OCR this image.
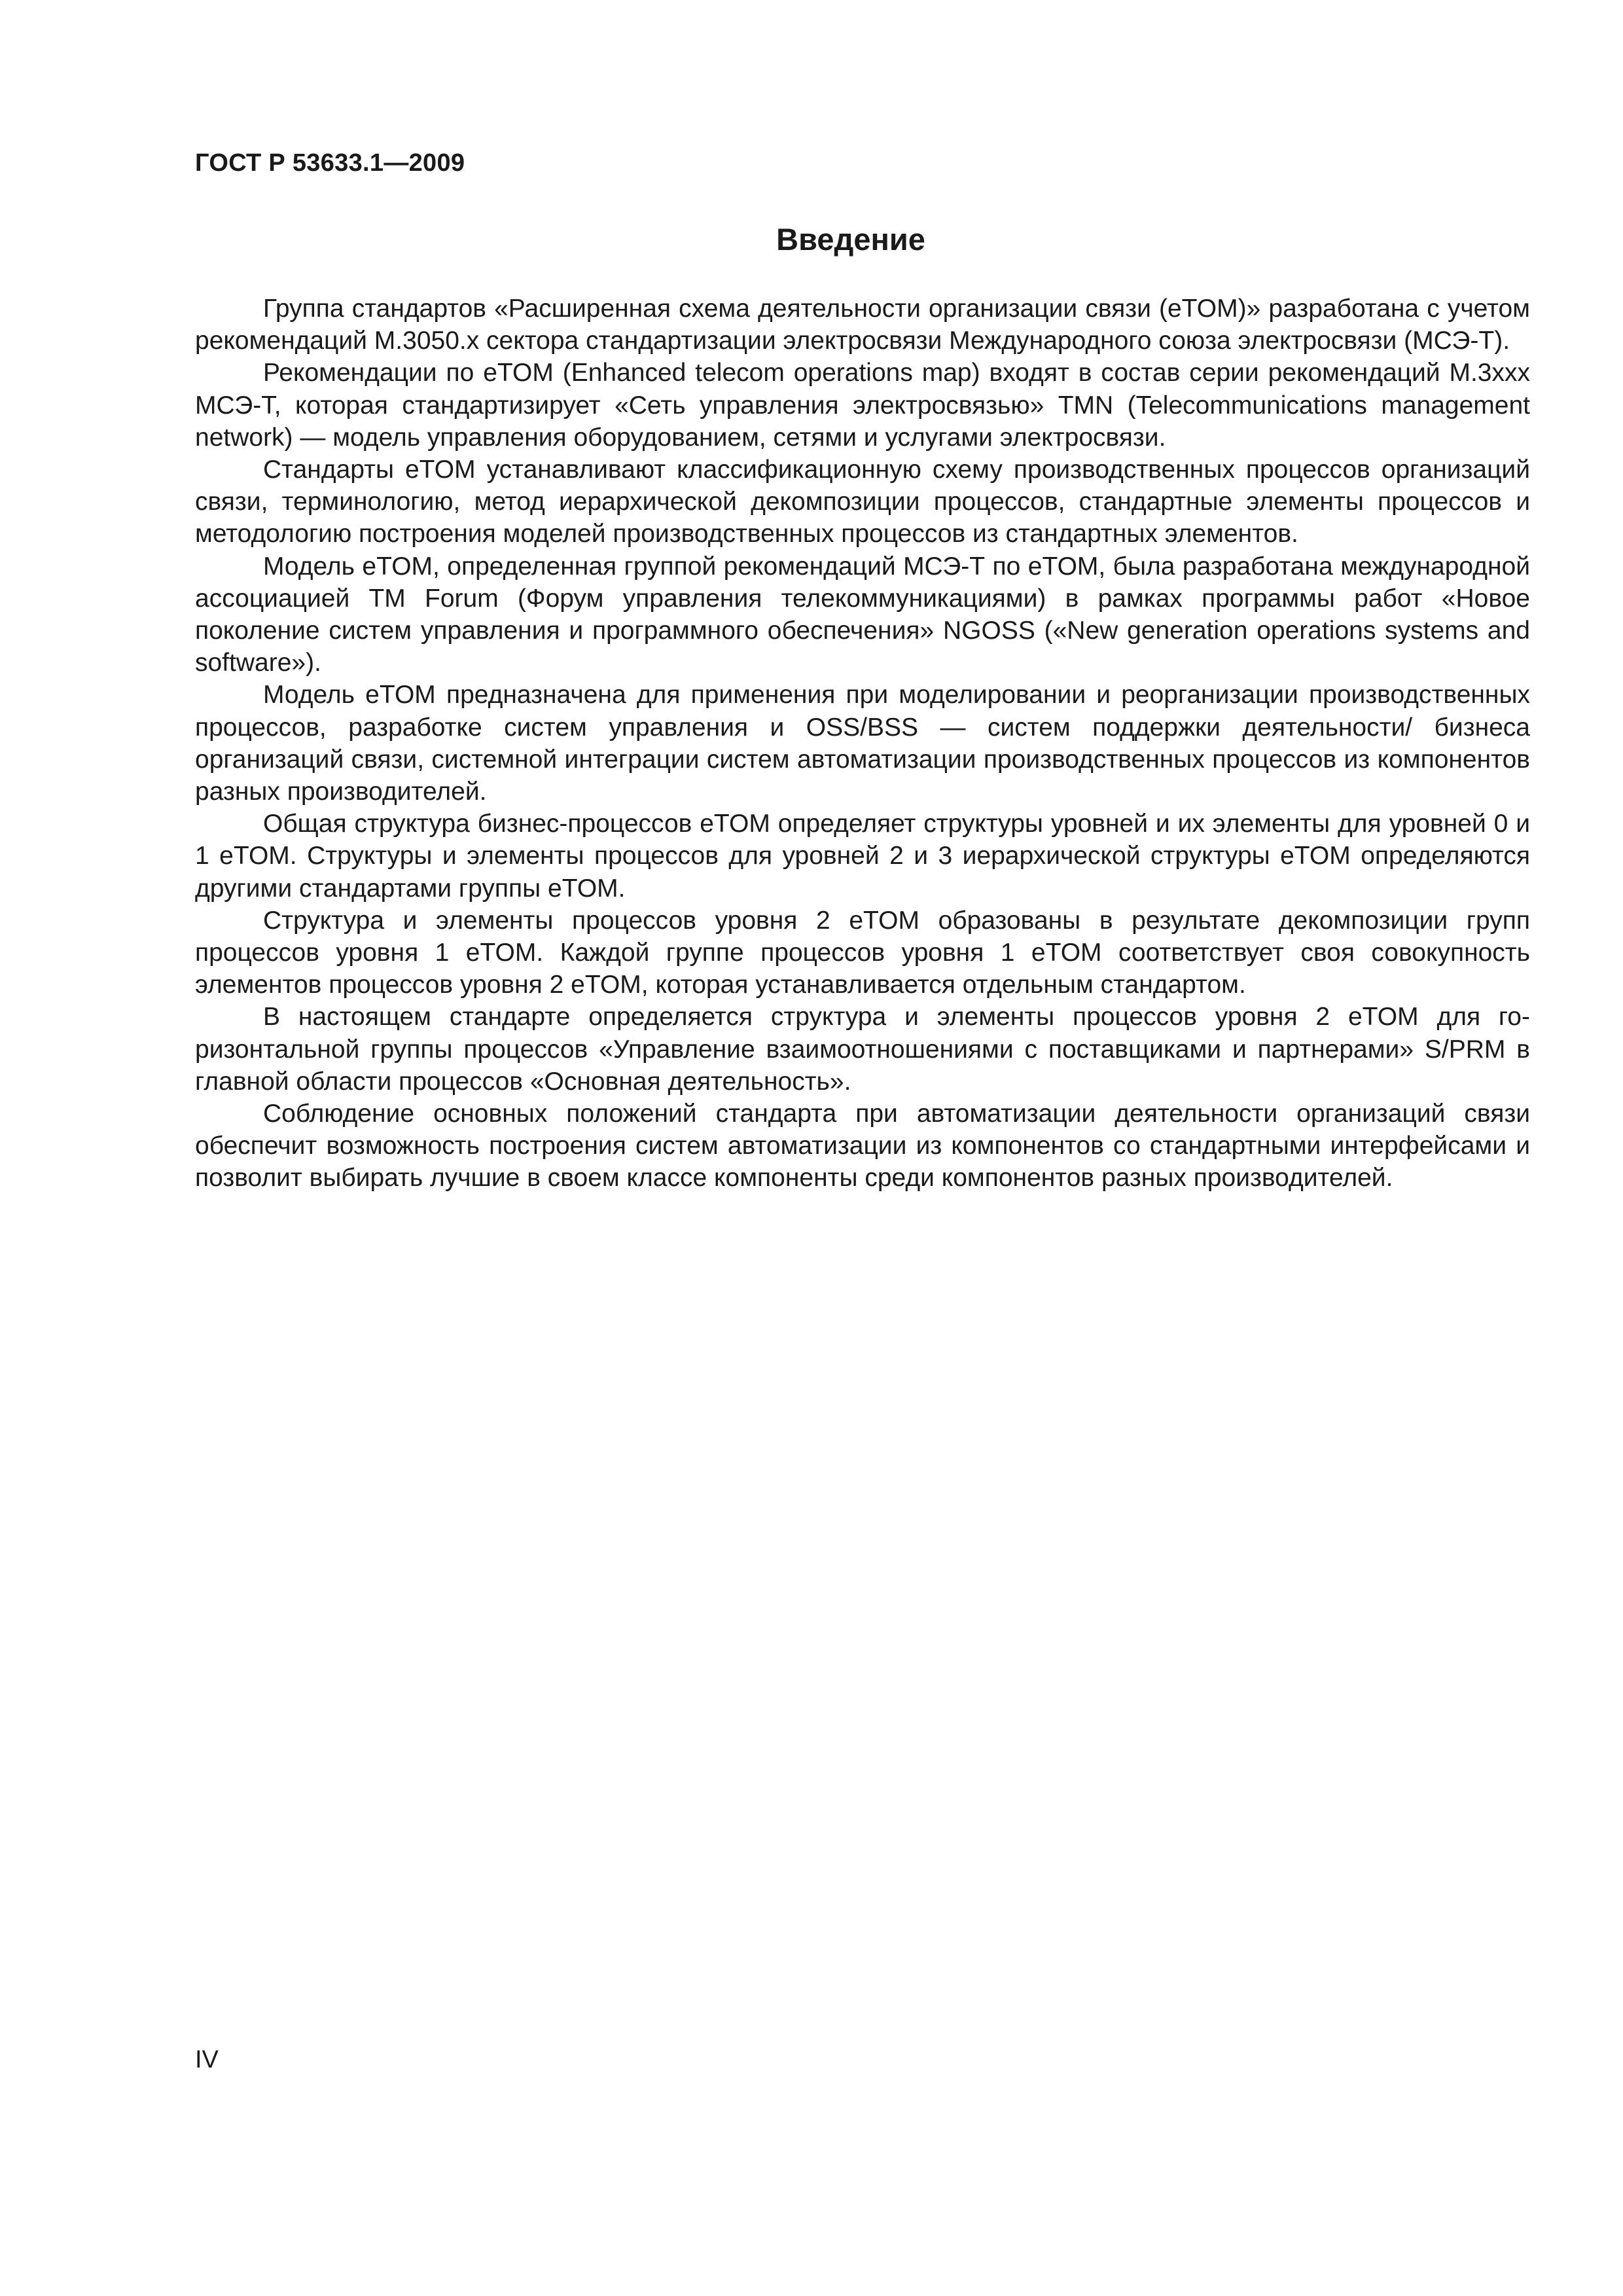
ГОСТ Р 53633.1—2009
Введение

Группа стандартов «Расширенная схема деятельности организации связи (eTOM)» разработана с учетом рекомендаций М.3050.х сектора стандартизации электросвязи Международного союза электросвязи (МСЭ-Т).

Рекомендации по eTOM (Enhanced telecom operations map) входят в состав серии рекомендаций М.3ххх МСЭ-Т, которая стандартизирует «Сеть управления электросвязью» TMN (Telecommunications management network) — модель управления оборудованием, сетями и услугами электросвязи.

Стандарты eTOM устанавливают классификационную схему производственных процессов организаций связи, терминологию, метод иерархической декомпозиции процессов, стандартные элементы процессов и методологию построения моделей производственных процессов из стандартных элементов.

Модель eTOM, определенная группой рекомендаций МСЭ-Т по eTOM, была разработана международной ассоциацией TM Forum (Форум управления телекоммуникациями) в рамках программы работ «Новое поколение систем управления и программного обеспечения» NGOSS («New generation operations systems and software»).

Модель eTOM предназначена для применения при моделировании и реорганизации производственных процессов, разработке систем управления и OSS/BSS — систем поддержки деятельности/ бизнеса организаций связи, системной интеграции систем автоматизации производственных процессов из компонентов разных производителей.

Общая структура бизнес-процессов eTOM определяет структуры уровней и их элементы для уровней 0 и 1 eTOM. Структуры и элементы процессов для уровней 2 и 3 иерархической структуры eTOM определяются другими стандартами группы eTOM.

Структура и элементы процессов уровня 2 eTOM образованы в результате декомпозиции групп процессов уровня 1 eTOM. Каждой группе процессов уровня 1 eTOM соответствует своя совокупность элементов процессов уровня 2 eTOM, которая устанавливается отдельным стандартом.

В настоящем стандарте определяется структура и элементы процессов уровня 2 eTOM для горизонтальной группы процессов «Управление взаимоотношениями с поставщиками и партнерами» S/PRM в главной области процессов «Основная деятельность».

Соблюдение основных положений стандарта при автоматизации деятельности организаций связи обеспечит возможность построения систем автоматизации из компонентов со стандартными интерфейсами и позволит выбирать лучшие в своем классе компоненты среди компонентов разных производителей.

IV
